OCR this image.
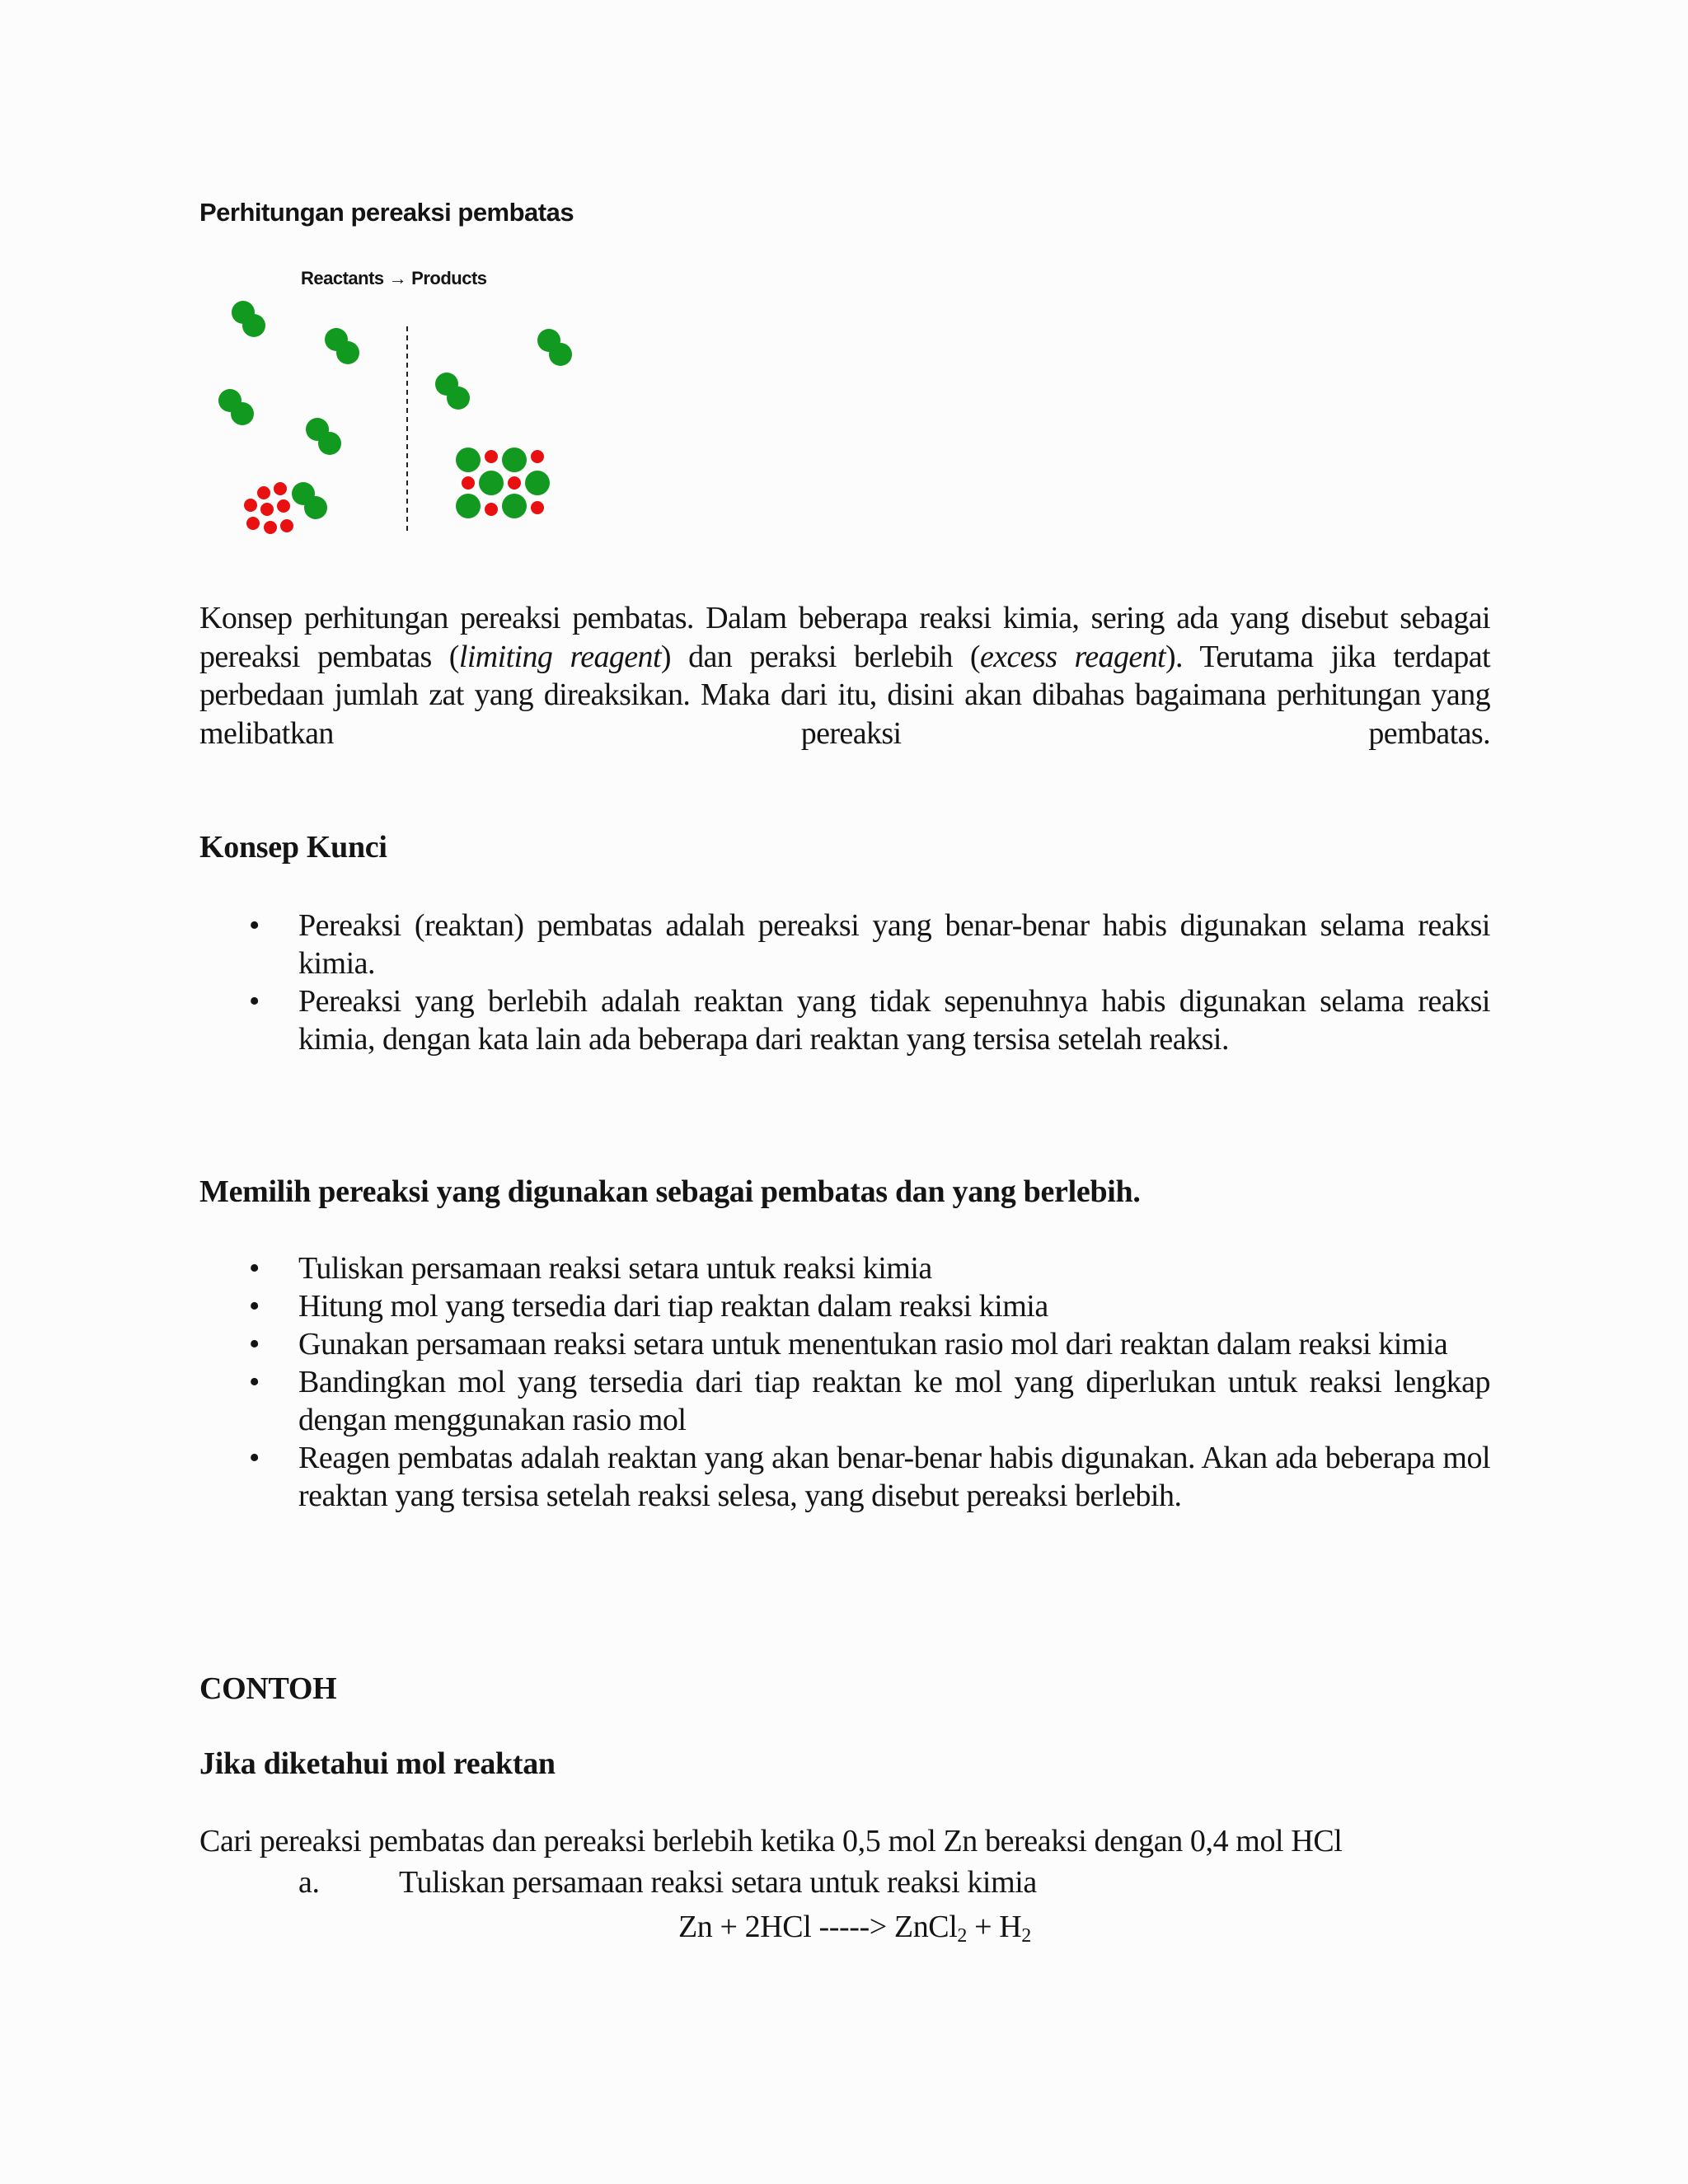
Perhitungan pereaksi pembatas
Reactants → Products
Konsep perhitungan pereaksi pembatas. Dalam beberapa reaksi kimia, sering ada yang disebut sebagai pereaksi pembatas (limiting reagent) dan peraksi berlebih (excess reagent). Terutama jika terdapat perbedaan jumlah zat yang direaksikan. Maka dari itu, disini akan dibahas bagaimana perhitungan yang melibatkan pereaksi pembatas.
Konsep Kunci
• Pereaksi (reaktan) pembatas adalah pereaksi yang benar-benar habis digunakan selama reaksi kimia.
• Pereaksi yang berlebih adalah reaktan yang tidak sepenuhnya habis digunakan selama reaksi kimia, dengan kata lain ada beberapa dari reaktan yang tersisa setelah reaksi.
Memilih pereaksi yang digunakan sebagai pembatas dan yang berlebih.
• Tuliskan persamaan reaksi setara untuk reaksi kimia
• Hitung mol yang tersedia dari tiap reaktan dalam reaksi kimia
• Gunakan persamaan reaksi setara untuk menentukan rasio mol dari reaktan dalam reaksi kimia
• Bandingkan mol yang tersedia dari tiap reaktan ke mol yang diperlukan untuk reaksi lengkap dengan menggunakan rasio mol
• Reagen pembatas adalah reaktan yang akan benar-benar habis digunakan. Akan ada beberapa mol reaktan yang tersisa setelah reaksi selesa, yang disebut pereaksi berlebih.
CONTOH
Jika diketahui mol reaktan
Cari pereaksi pembatas dan pereaksi berlebih ketika 0,5 mol Zn bereaksi dengan 0,4 mol HCl
a.	Tuliskan persamaan reaksi setara untuk reaksi kimia
Zn + 2HCl -----> ZnCl$_2$ + $H_2$
